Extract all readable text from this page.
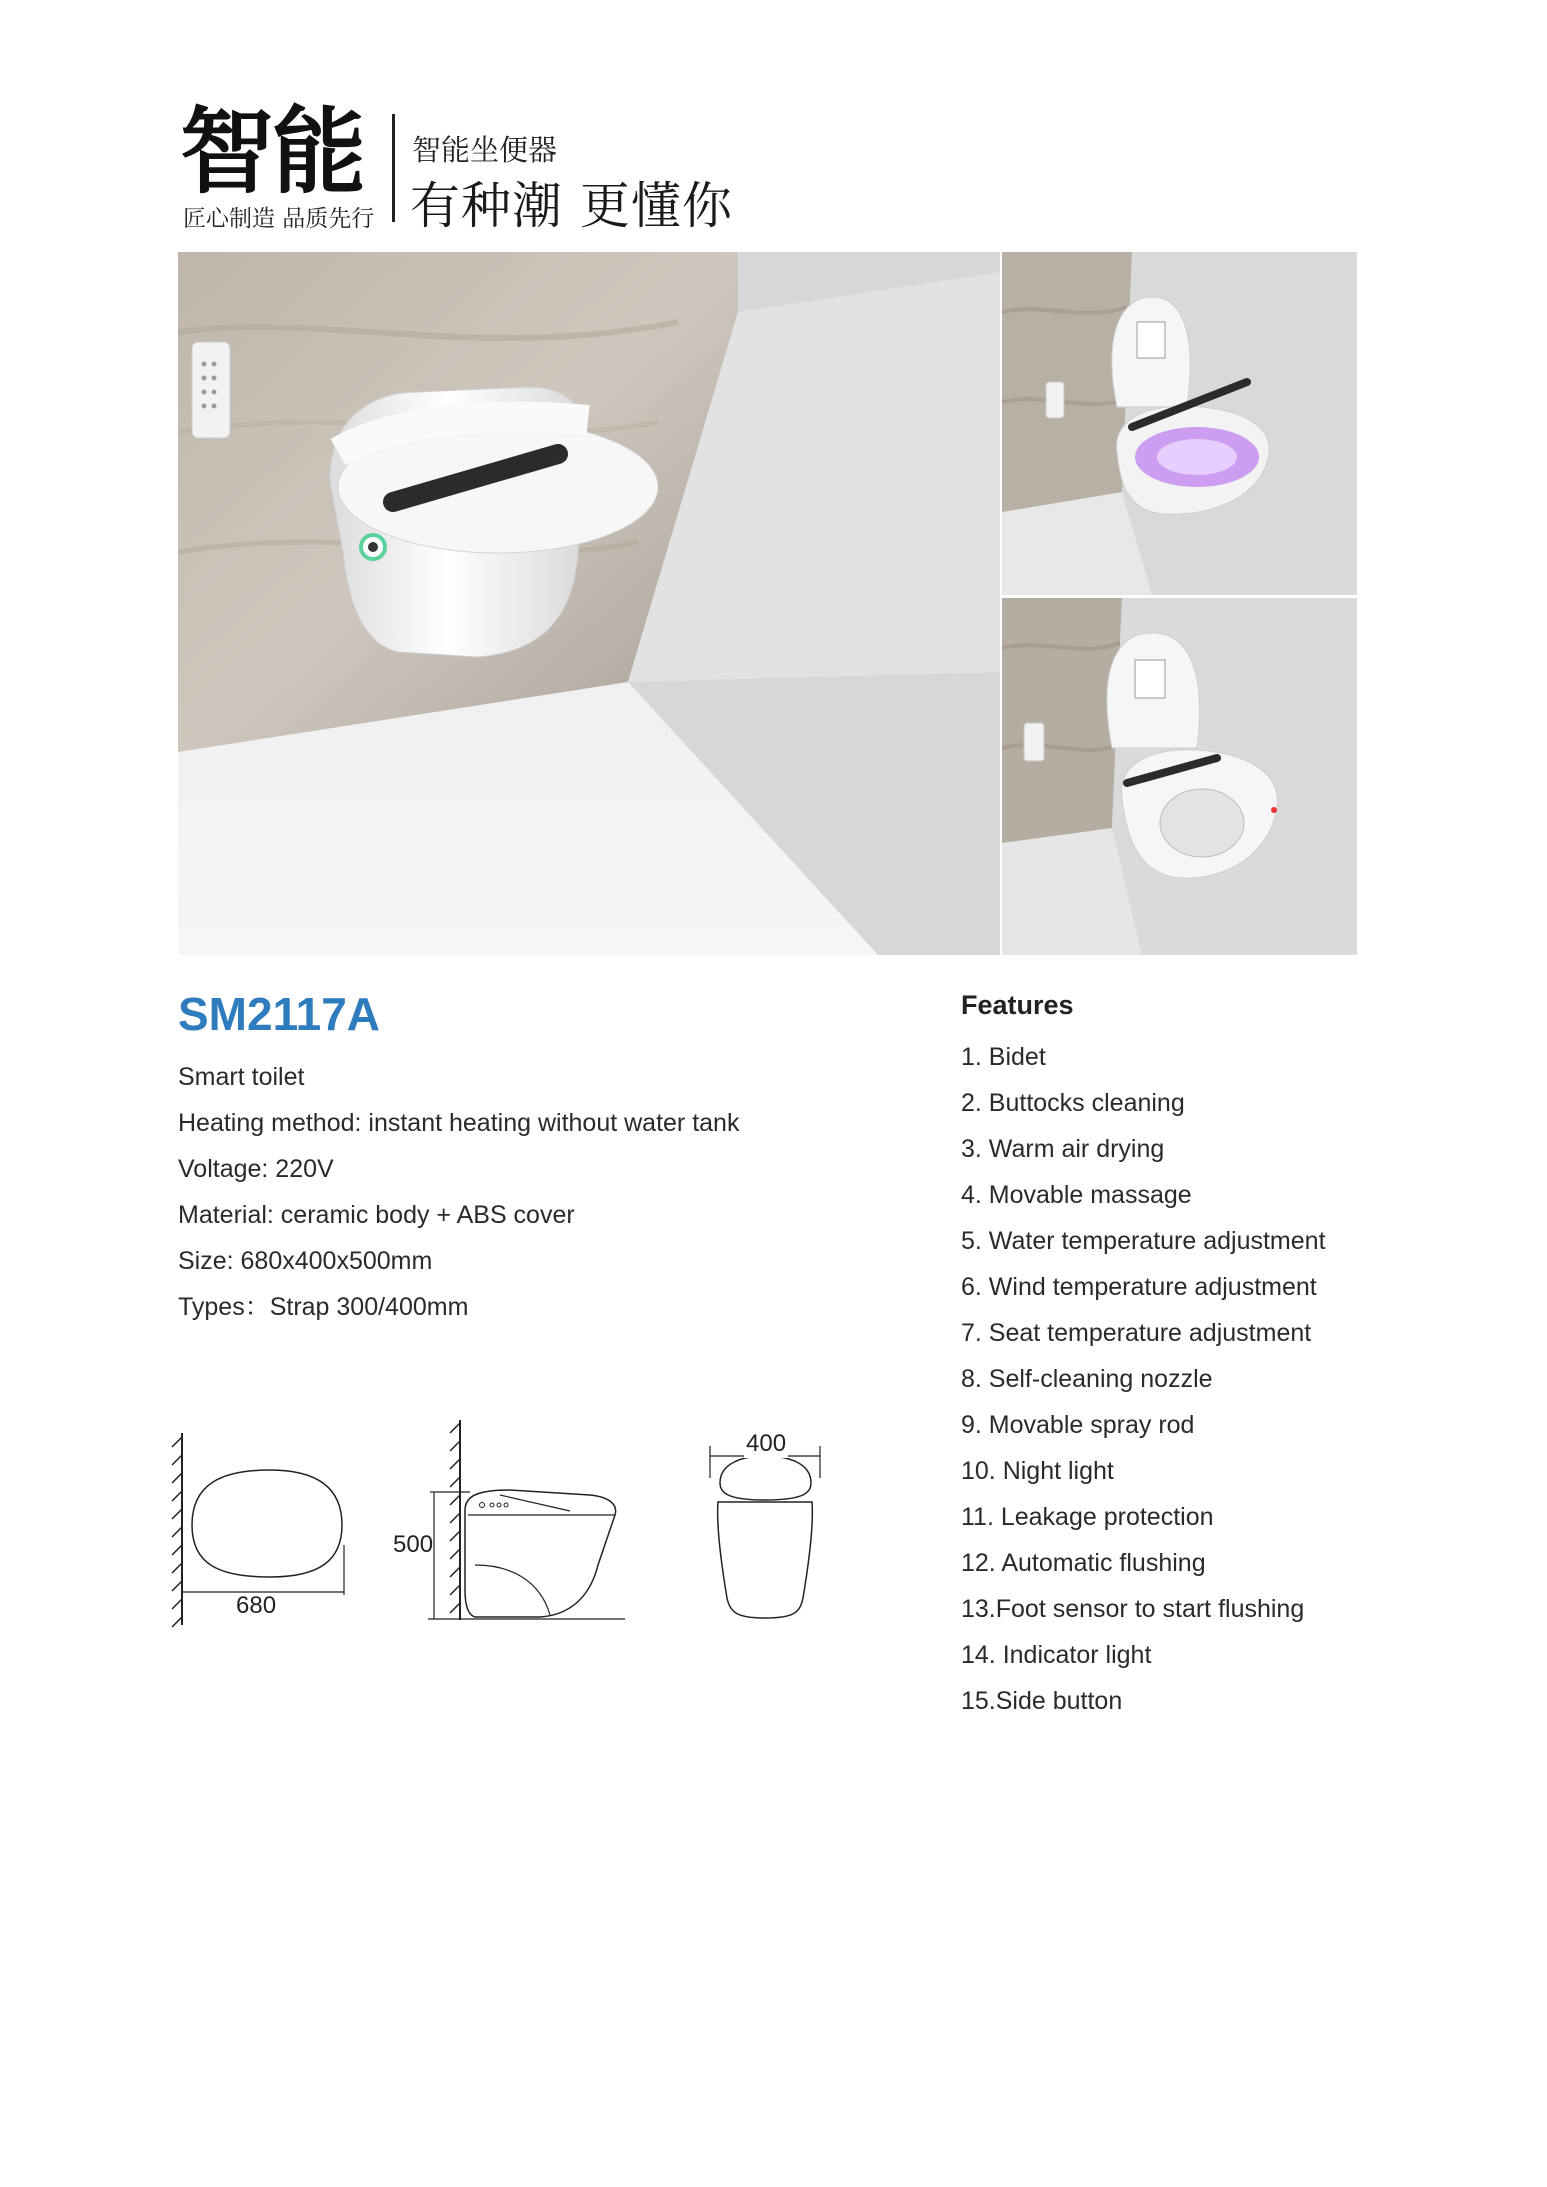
智能
匠心制造 品质先行
智能坐便器
有种潮 更懂你
SM2117A
Smart toilet
Heating method: instant heating without water tank
Voltage: 220V
Material: ceramic body + ABS cover
Size: 680x400x500mm
Types：Strap 300/400mm
Features
1. Bidet
2. Buttocks cleaning
3. Warm air drying
4. Movable massage
5. Water temperature adjustment
6. Wind temperature adjustment
7. Seat temperature adjustment
8. Self-cleaning nozzle
9. Movable spray rod
10. Night light
11. Leakage protection
12. Automatic flushing
13.Foot sensor to start flushing
14. Indicator light
15.Side button
680
500
400
